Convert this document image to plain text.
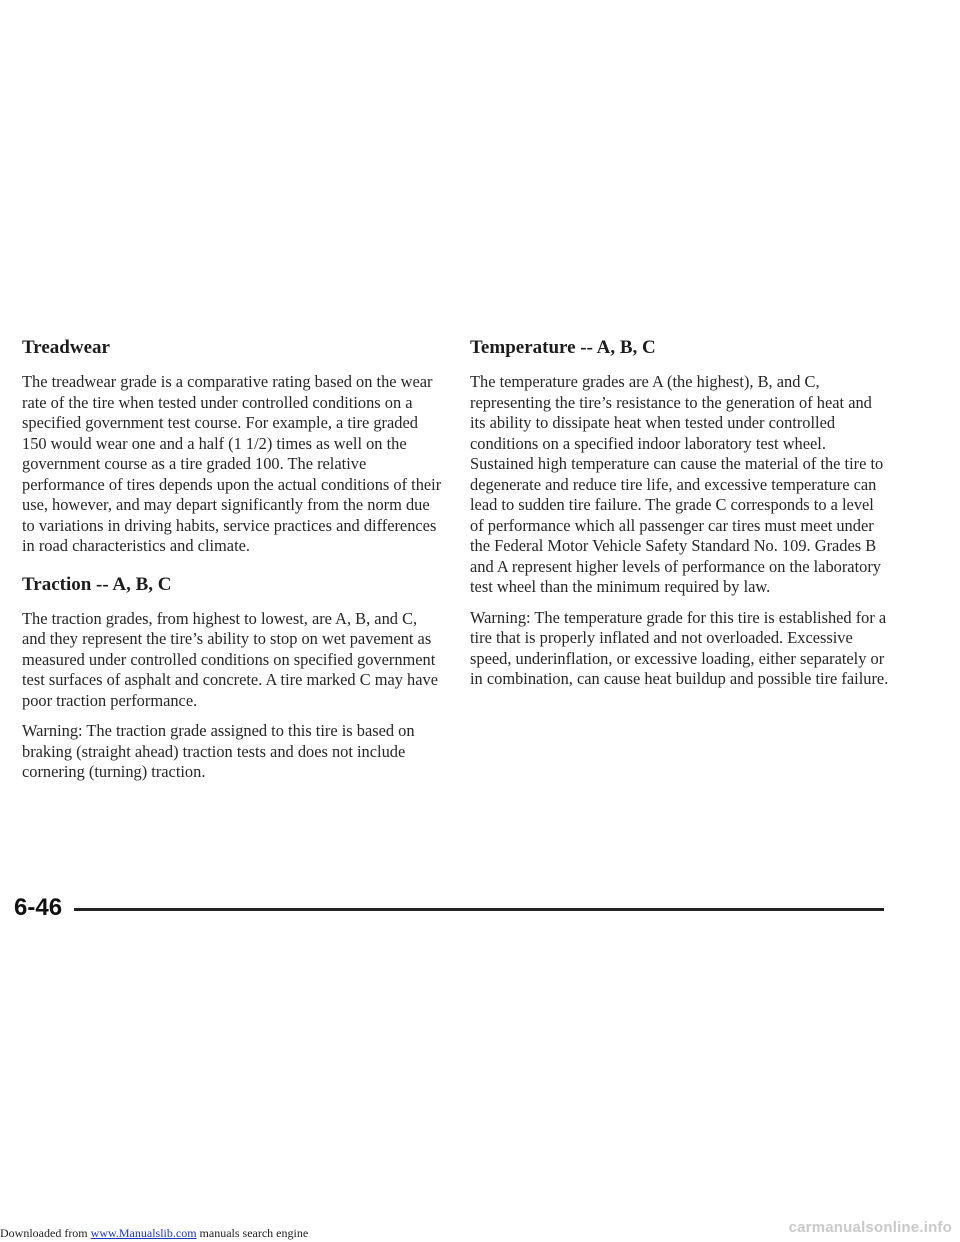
Treadwear

The treadwear grade is a comparative rating based on the wear rate of the tire when tested under controlled conditions on a specified government test course. For example, a tire graded 150 would wear one and a half (1 1/2) times as well on the government course as a tire graded 100. The relative performance of tires depends upon the actual conditions of their use, however, and may depart significantly from the norm due to variations in driving habits, service practices and differences in road characteristics and climate.

Traction -- A, B, C

The traction grades, from highest to lowest, are A, B, and C, and they represent the tire’s ability to stop on wet pavement as measured under controlled conditions on specified government test surfaces of asphalt and concrete. A tire marked C may have poor traction performance.

Warning: The traction grade assigned to this tire is based on braking (straight ahead) traction tests and does not include cornering (turning) traction.

Temperature -- A, B, C

The temperature grades are A (the highest), B, and C, representing the tire’s resistance to the generation of heat and its ability to dissipate heat when tested under controlled conditions on a specified indoor laboratory test wheel. Sustained high temperature can cause the material of the tire to degenerate and reduce tire life, and excessive temperature can lead to sudden tire failure. The grade C corresponds to a level of performance which all passenger car tires must meet under the Federal Motor Vehicle Safety Standard No. 109. Grades B and A represent higher levels of performance on the laboratory test wheel than the minimum required by law.

Warning: The temperature grade for this tire is established for a tire that is properly inflated and not overloaded. Excessive speed, underinflation, or excessive loading, either separately or in combination, can cause heat buildup and possible tire failure.

6-46
Downloaded from www.Manualslib.com manuals search engine	carmanualsonline.info
